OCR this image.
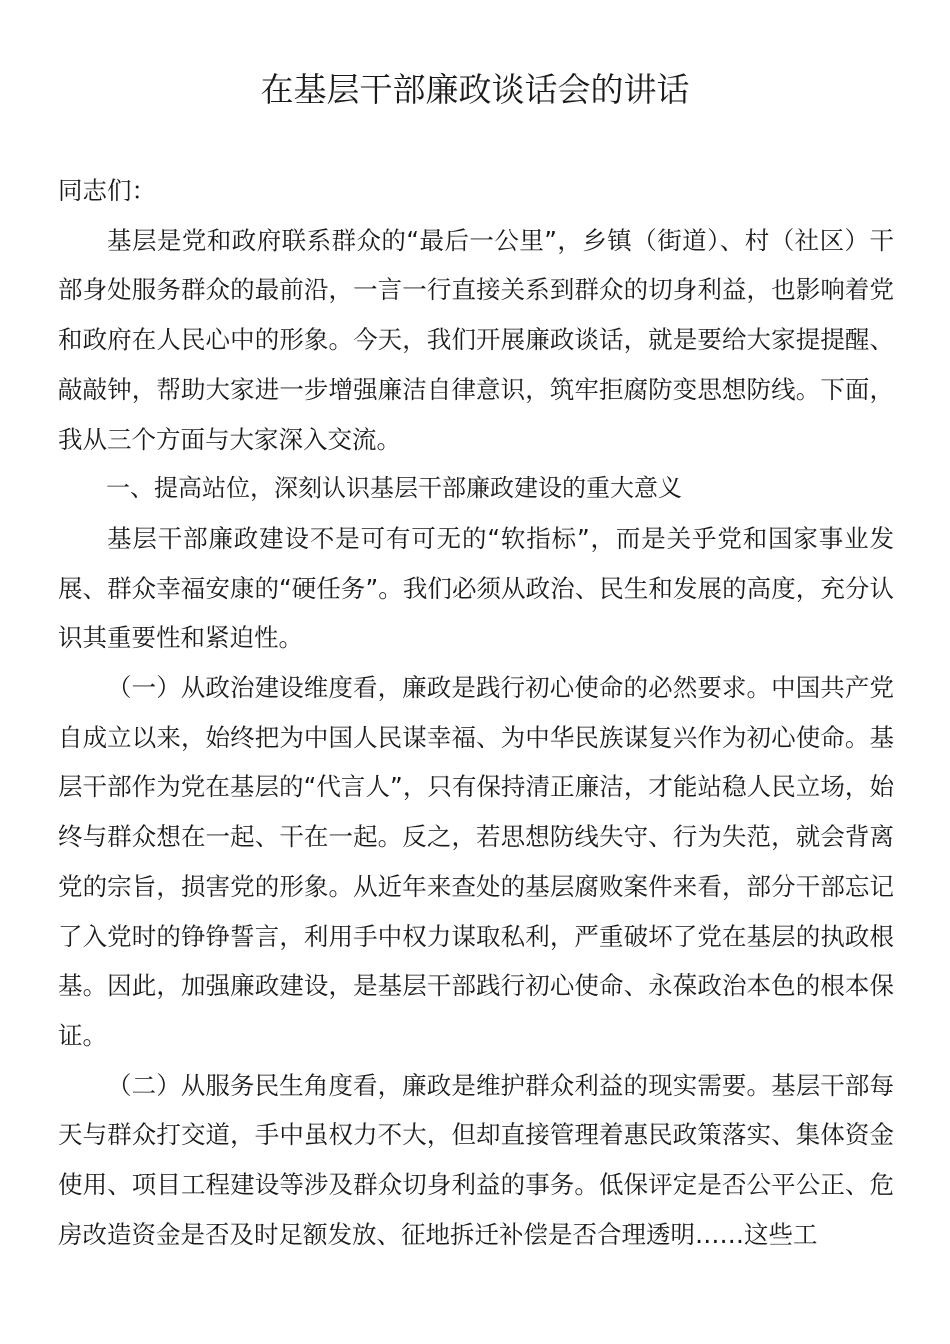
在基层干部廉政谈话会的讲话

同志们：

基层是党和政府联系群众的“最后一公里”，乡镇（街道）、村（社区）干部身处服务群众的最前沿，一言一行直接关系到群众的切身利益，也影响着党和政府在人民心中的形象。今天，我们开展廉政谈话，就是要给大家提提醒、敲敲钟，帮助大家进一步增强廉洁自律意识，筑牢拒腐防变思想防线。下面，我从三个方面与大家深入交流。

一、提高站位，深刻认识基层干部廉政建设的重大意义

基层干部廉政建设不是可有可无的“软指标”，而是关乎党和国家事业发展、群众幸福安康的“硬任务”。我们必须从政治、民生和发展的高度，充分认识其重要性和紧迫性。

（一）从政治建设维度看，廉政是践行初心使命的必然要求。中国共产党自成立以来，始终把为中国人民谋幸福、为中华民族谋复兴作为初心使命。基层干部作为党在基层的“代言人”，只有保持清正廉洁，才能站稳人民立场，始终与群众想在一起、干在一起。反之，若思想防线失守、行为失范，就会背离党的宗旨，损害党的形象。从近年来查处的基层腐败案件来看，部分干部忘记了入党时的铮铮誓言，利用手中权力谋取私利，严重破坏了党在基层的执政根基。因此，加强廉政建设，是基层干部践行初心使命、永葆政治本色的根本保证。

（二）从服务民生角度看，廉政是维护群众利益的现实需要。基层干部每天与群众打交道，手中虽权力不大，但却直接管理着惠民政策落实、集体资金使用、项目工程建设等涉及群众切身利益的事务。低保评定是否公平公正、危房改造资金是否及时足额发放、征地拆迁补偿是否合理透明……这些工
